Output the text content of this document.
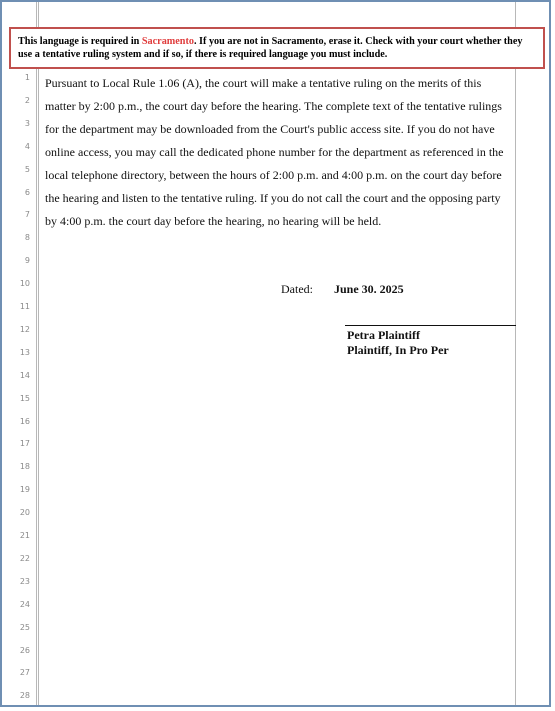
1
2
3
4
5
6
7
8
9
10
11
12
13
14
15
16
17
18
19
20
21
22
23
24
25
26
27
28
Pursuant to Local Rule 1.06 (A), the court will make a tentative ruling on the merits of this
matter by 2:00 p.m., the court day before the hearing. The complete text of the tentative rulings
for the department may be downloaded from the Court's public access site. If you do not have
online access, you may call the dedicated phone number for the department as referenced in the
local telephone directory, between the hours of 2:00 p.m. and 4:00 p.m. on the court day before
the hearing and listen to the tentative ruling. If you do not call the court and the opposing party
by 4:00 p.m. the court day before the hearing, no hearing will be held.
Dated: June 30. 2025
Petra Plaintiff
Plaintiff, In Pro Per
This language is required in Sacramento. If you are not in Sacramento, erase it. Check with your court whether they use a tentative ruling system and if so, if there is required language you must include.
